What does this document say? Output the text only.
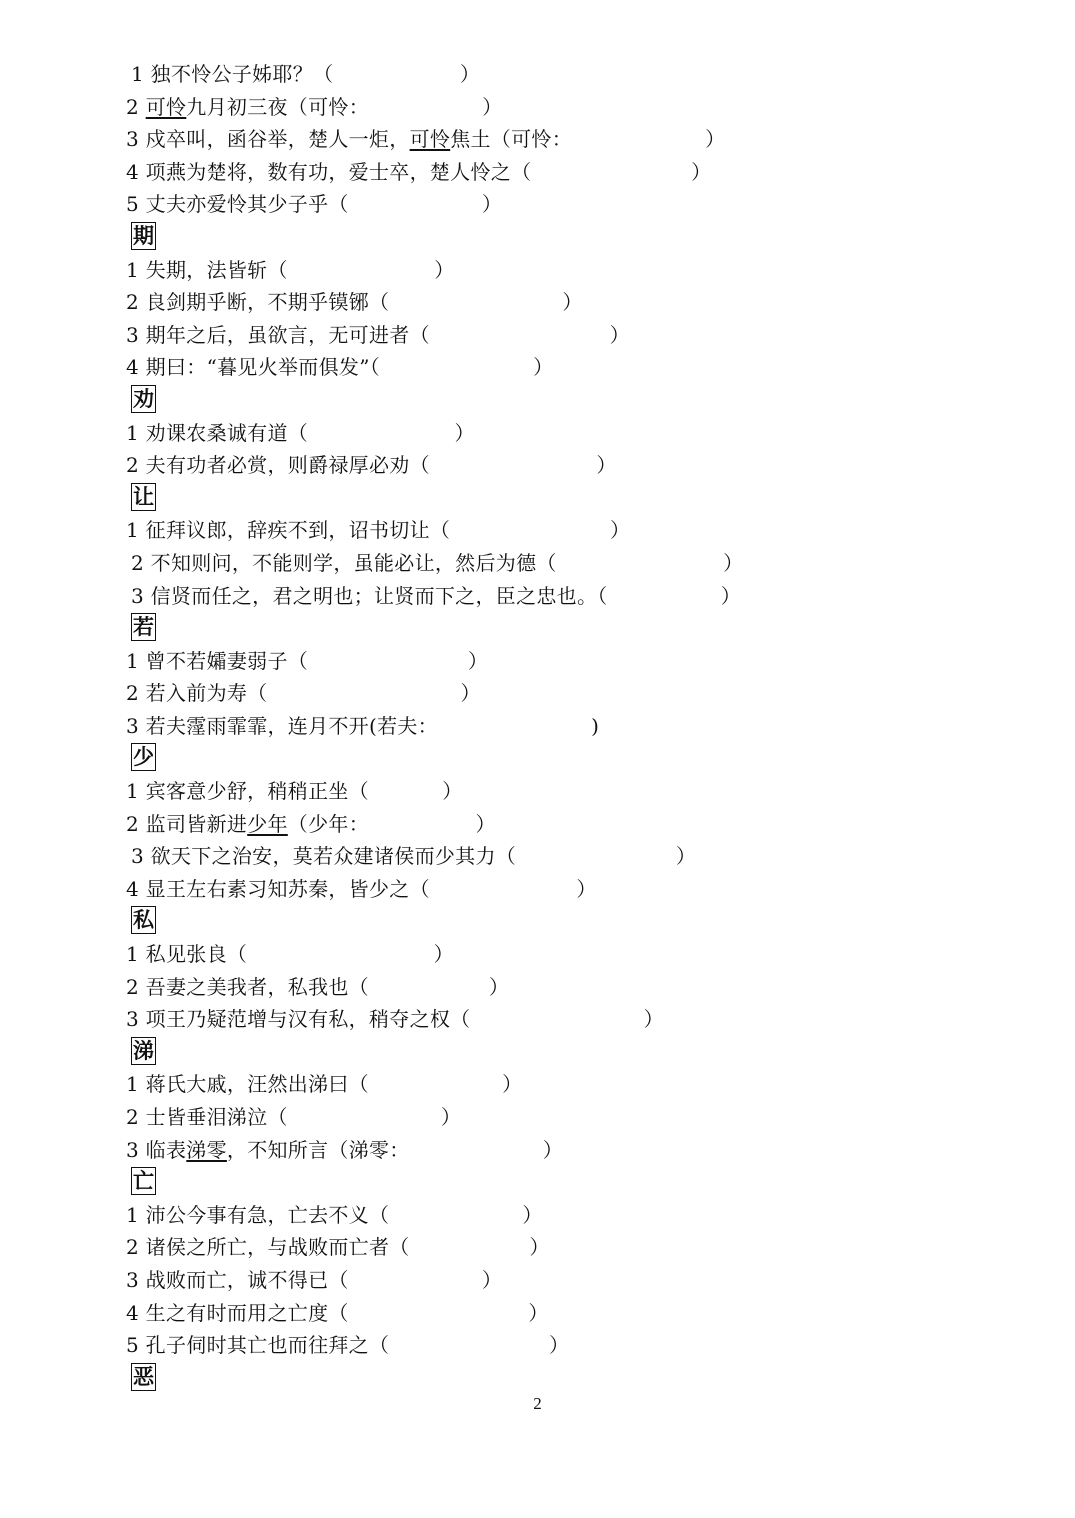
1 独不怜公子姊耶？（                   ）
2 可怜九月初三夜（可怜：                 ）
3 戍卒叫，函谷举，楚人一炬，可怜焦土（可怜：                    ）
4 项燕为楚将，数有功，爱士卒，楚人怜之（                        ）
5 丈夫亦爱怜其少子乎（                    ）
期
1 失期，法皆斩（                      ）
2 良剑期乎断，不期乎镆铘（                          ）
3 期年之后，虽欲言，无可进者（                           ）
4 期曰：“暮见火举而俱发”（                       ）
劝
1 劝课农桑诚有道（                      ）
2 夫有功者必赏，则爵禄厚必劝（                         ）
让
1 征拜议郎，辞疾不到，诏书切让（                        ）
2 不知则问，不能则学，虽能必让，然后为德（                         ）
3 信贤而任之，君之明也；让贤而下之，臣之忠也。（                 ）
若
1 曾不若孀妻弱子（                        ）
2 若入前为寿（                             ）
3 若夫霪雨霏霏，连月不开(若夫：                       )
少
1 宾客意少舒，稍稍正坐（           ）
2 监司皆新进少年（少年：                ）
3 欲天下之治安，莫若众建诸侯而少其力（                        ）
4 显王左右素习知苏秦，皆少之（                      ）
私
1 私见张良（                            ）
2 吾妻之美我者，私我也（                  ）
3 项王乃疑范增与汉有私，稍夺之权（                          ）
涕
1 蒋氏大戚，汪然出涕曰（                    ）
2 士皆垂泪涕泣（                       ）
3 临表涕零，不知所言（涕零：                    ）
亡
1 沛公今事有急，亡去不义（                    ）
2 诸侯之所亡，与战败而亡者（                  ）
3 战败而亡，诚不得已（                    ）
4 生之有时而用之亡度（                           ）
5 孔子伺时其亡也而往拜之（                        ）
恶
2
